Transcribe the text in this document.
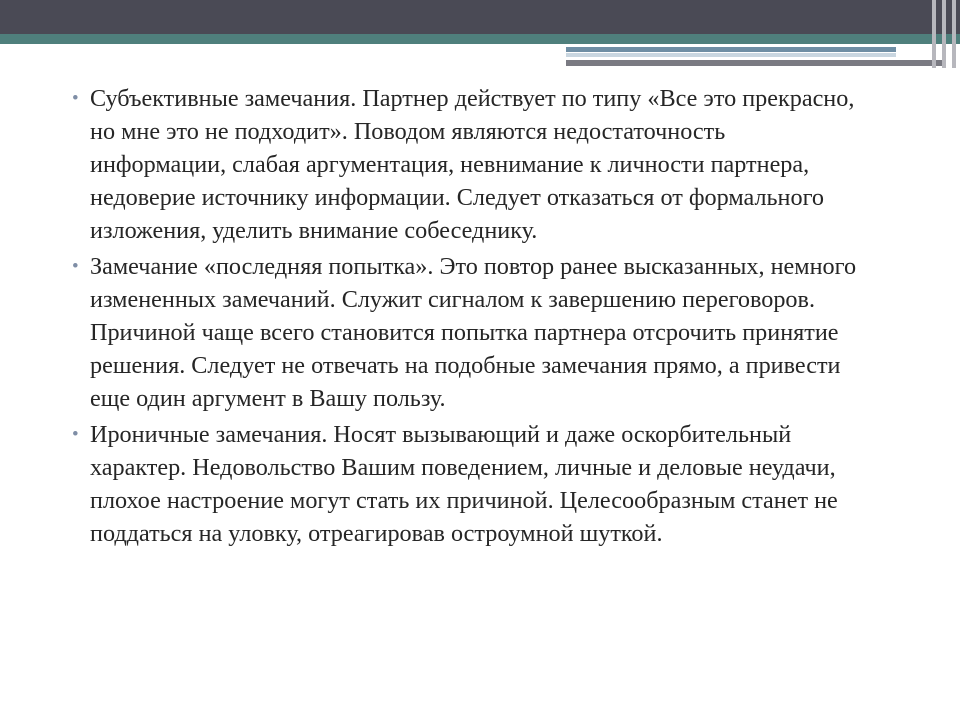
• Субъективные замечания. Партнер действует по типу «Все это прекрасно, но мне это не подходит». Поводом являются недостаточность информации, слабая аргументация, невнимание к личности партнера, недоверие источнику информации. Следует отказаться от формального изложения, уделить внимание собеседнику.
• Замечание «последняя попытка». Это повтор ранее высказанных, немного измененных замечаний. Служит сигналом к завершению переговоров. Причиной чаще всего становится попытка партнера отсрочить принятие решения. Следует не отвечать на подобные замечания прямо, а привести еще один аргумент в Вашу пользу.
• Ироничные замечания. Носят вызывающий и даже оскорбительный характер. Недовольство Вашим поведением, личные и деловые неудачи, плохое настроение могут стать их причиной. Целесообразным станет не поддаться на уловку, отреагировав остроумной шуткой.
